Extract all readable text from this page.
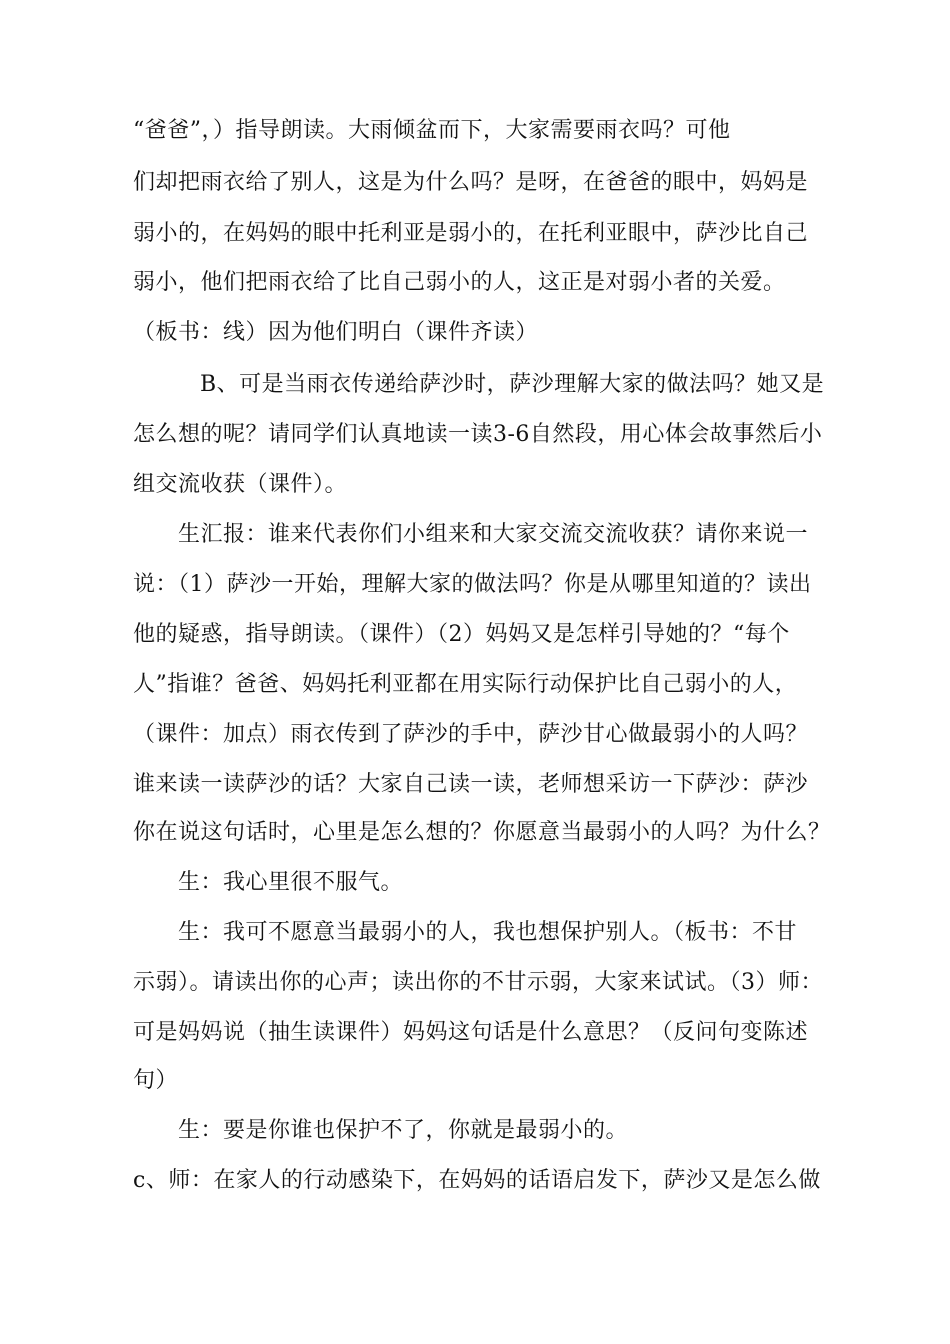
“爸爸”，）指导朗读。大雨倾盆而下，大家需要雨衣吗？可他
们却把雨衣给了别人，这是为什么吗？是呀，在爸爸的眼中，妈妈是
弱小的，在妈妈的眼中托利亚是弱小的，在托利亚眼中，萨沙比自己
弱小，他们把雨衣给了比自己弱小的人，这正是对弱小者的关爱。
（板书：线）因为他们明白（课件齐读）
B、可是当雨衣传递给萨沙时，萨沙理解大家的做法吗？她又是
怎么想的呢？请同学们认真地读一读3-6自然段，用心体会故事然后小
组交流收获（课件）。
生汇报：谁来代表你们小组来和大家交流交流收获？请你来说一
说：（1）萨沙一开始，理解大家的做法吗？你是从哪里知道的？读出
他的疑惑，指导朗读。（课件）（2）妈妈又是怎样引导她的？“每个
人”指谁？爸爸、妈妈托利亚都在用实际行动保护比自己弱小的人，
（课件：加点）雨衣传到了萨沙的手中，萨沙甘心做最弱小的人吗？
谁来读一读萨沙的话？大家自己读一读，老师想采访一下萨沙：萨沙
你在说这句话时，心里是怎么想的？你愿意当最弱小的人吗？为什么？
生：我心里很不服气。
生：我可不愿意当最弱小的人，我也想保护别人。（板书：不甘
示弱）。请读出你的心声；读出你的不甘示弱，大家来试试。（3）师：
可是妈妈说（抽生读课件）妈妈这句话是什么意思？（反问句变陈述
句）
生：要是你谁也保护不了，你就是最弱小的。
c、师：在家人的行动感染下，在妈妈的话语启发下，萨沙又是怎么做
